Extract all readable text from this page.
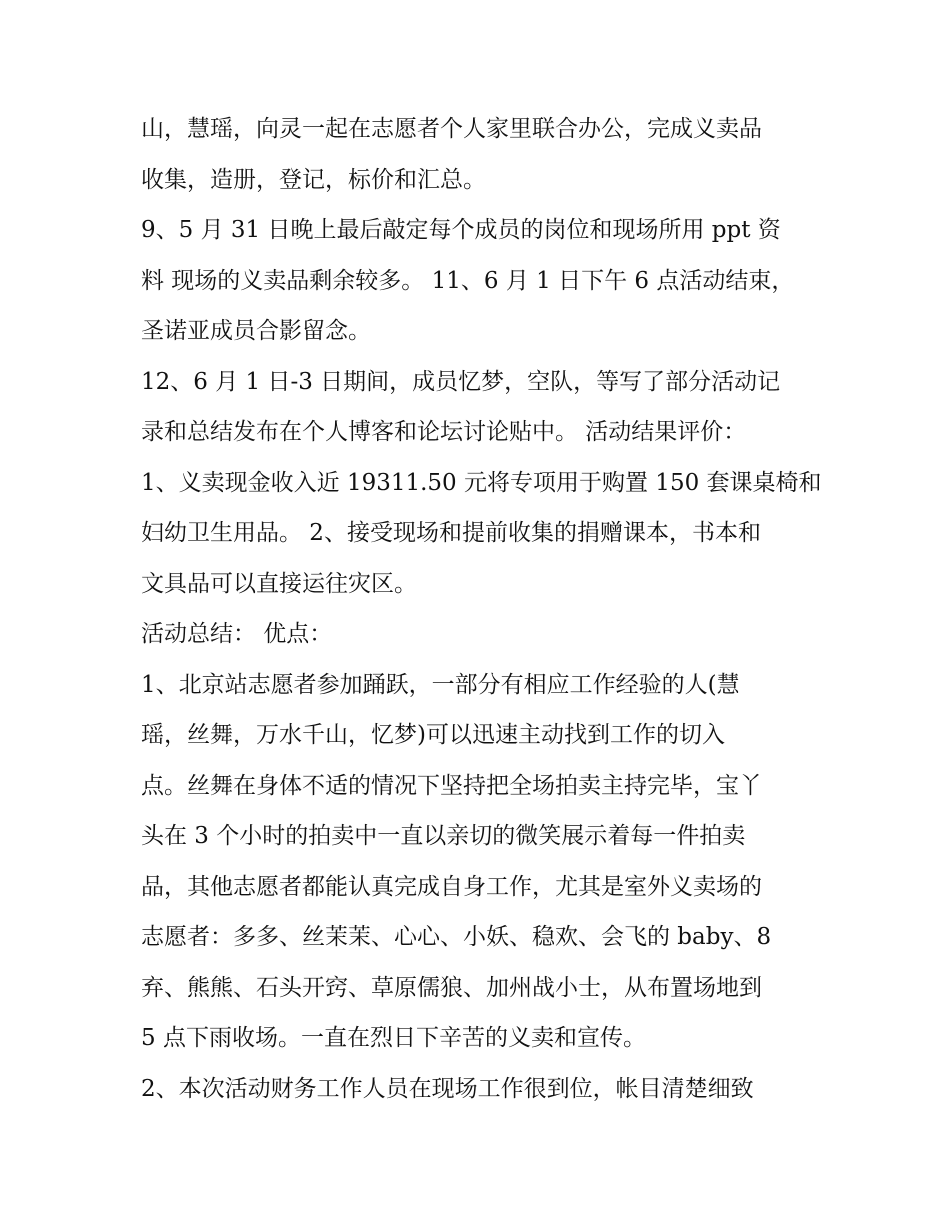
山，慧瑶，向灵一起在志愿者个人家里联合办公，完成义卖品
收集，造册，登记，标价和汇总。
9、5 月 31 日晚上最后敲定每个成员的岗位和现场所用 ppt 资
料 现场的义卖品剩余较多。 11、6 月 1 日下午 6 点活动结束，
圣诺亚成员合影留念。
12、6 月 1 日-3 日期间，成员忆梦，空队，等写了部分活动记
录和总结发布在个人博客和论坛讨论贴中。 活动结果评价：
1、义卖现金收入近 19311.50 元将专项用于购置 150 套课桌椅和
妇幼卫生用品。 2、接受现场和提前收集的捐赠课本，书本和
文具品可以直接运往灾区。
活动总结： 优点：
1、北京站志愿者参加踊跃，一部分有相应工作经验的人(慧
瑶，丝舞，万水千山，忆梦)可以迅速主动找到工作的切入
点。丝舞在身体不适的情况下坚持把全场拍卖主持完毕，宝丫
头在 3 个小时的拍卖中一直以亲切的微笑展示着每一件拍卖
品，其他志愿者都能认真完成自身工作，尤其是室外义卖场的
志愿者：多多、丝茉茉、心心、小妖、稳欢、会飞的 baby、8
弃、熊熊、石头开窍、草原儒狼、加州战小士，从布置场地到
5 点下雨收场。一直在烈日下辛苦的义卖和宣传。
2、本次活动财务工作人员在现场工作很到位，帐目清楚细致
